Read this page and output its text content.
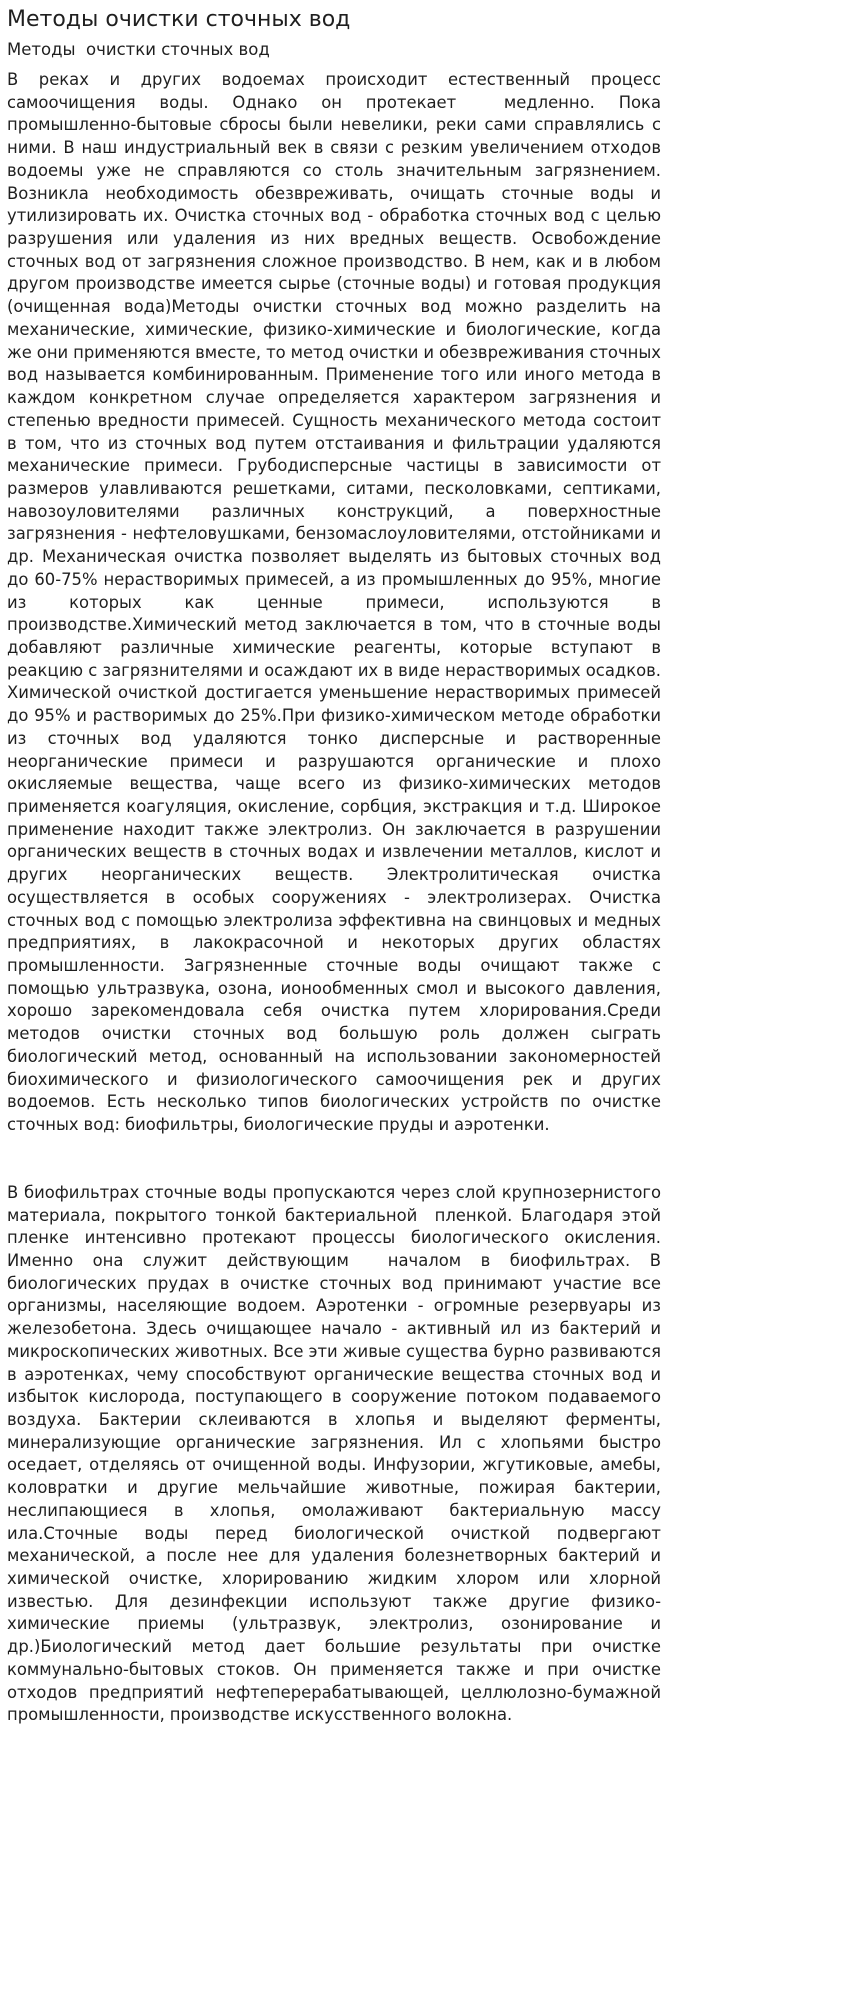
Методы очистки сточных вод
Методы  очистки сточных вод

В реках и других водоемах происходит естественный процесс  самоочищения воды. Однако он протекает  медленно. Пока промышленно-бытовые сбросы были невелики, реки сами справлялись с ними. В наш индустриальный век в связи с резким увеличением отходов водоемы уже не справляются со столь значительным загрязнением. Возникла необходимость обезвреживать, очищать сточные воды и утилизировать их. Очистка сточных вод - обработка сточных вод с целью разрушения или удаления из них вредных веществ. Освобождение сточных вод от загрязнения сложное производство. В нем, как и в любом другом производстве имеется сырье (сточные воды) и готовая продукция (очищенная вода)Методы очистки сточных вод можно разделить на механические, химические, физико-химические и биологические, когда же они применяются вместе, то метод очистки и обезвреживания сточных вод называется комбинированным. Применение того или иного метода в каждом конкретном случае определяется характером загрязнения и степенью вредности примесей. Сущность механического метода состоит в том, что из сточных вод путем отстаивания и фильтрации удаляются механические примеси. Грубодисперсные частицы в зависимости от размеров улавливаются решетками, ситами, песколовками, септиками, навозоуловителями различных конструкций, а поверхностные загрязнения - нефтеловушками, бензомаслоуловителями, отстойниками и др. Механическая очистка позволяет выделять из бытовых сточных вод до 60-75% нерастворимых примесей, а из промышленных до 95%, многие из которых как ценные примеси, используются в производстве.Химический метод заключается в том, что в сточные воды добавляют различные химические реагенты, которые вступают в реакцию с загрязнителями и осаждают их в виде нерастворимых осадков. Химической очисткой достигается уменьшение нерастворимых примесей до 95% и растворимых до 25%.При физико-химическом методе обработки из сточных вод удаляются тонко дисперсные и растворенные неорганические примеси и разрушаются органические и плохо окисляемые вещества, чаще всего из физико-химических методов применяется коагуляция, окисление, сорбция, экстракция и т.д. Широкое применение находит также электролиз. Он заключается в разрушении органических веществ в сточных водах и извлечении металлов, кислот и других неорганических веществ. Электролитическая очистка осуществляется в особых сооружениях - электролизерах. Очистка сточных вод с помощью электролиза эффективна на свинцовых и медных предприятиях, в лакокрасочной и некоторых других областях промышленности. Загрязненные сточные воды очищают также с помощью ультразвука, озона, ионообменных смол и высокого давления, хорошо зарекомендовала себя очистка путем хлорирования.Среди методов очистки сточных вод большую роль должен сыграть биологический метод, основанный на использовании закономерностей биохимического и физиологического самоочищения рек и других водоемов. Есть несколько типов биологических устройств по очистке сточных вод: биофильтры, биологические пруды и аэротенки.

В биофильтрах сточные воды пропускаются через слой крупнозернистого материала, покрытого тонкой бактериальной  пленкой. Благодаря этой пленке интенсивно протекают процессы биологического окисления. Именно она служит действующим  началом в биофильтрах. В биологических прудах в очистке сточных вод принимают участие все организмы, населяющие водоем. Аэротенки - огромные резервуары из железобетона. Здесь очищающее начало - активный ил из бактерий и микроскопических животных. Все эти живые существа бурно развиваются в аэротенках, чему способствуют органические вещества сточных вод и избыток кислорода, поступающего в сооружение потоком подаваемого воздуха. Бактерии склеиваются в хлопья и выделяют ферменты, минерализующие органические загрязнения. Ил с хлопьями быстро оседает, отделяясь от очищенной воды. Инфузории, жгутиковые, амебы, коловратки и другие мельчайшие животные, пожирая бактерии, неслипающиеся в хлопья, омолаживают бактериальную массу ила.Сточные воды перед биологической очисткой подвергают механической, а после нее для удаления болезнетворных бактерий и химической очистке, хлорированию жидким хлором или хлорной известью. Для дезинфекции используют также другие физико-химические приемы (ультразвук, электролиз, озонирование и др.)Биологический метод дает большие результаты при очистке коммунально-бытовых стоков. Он применяется также и при очистке отходов предприятий нефтеперерабатывающей, целлюлозно-бумажной промышленности, производстве искусственного волокна.
